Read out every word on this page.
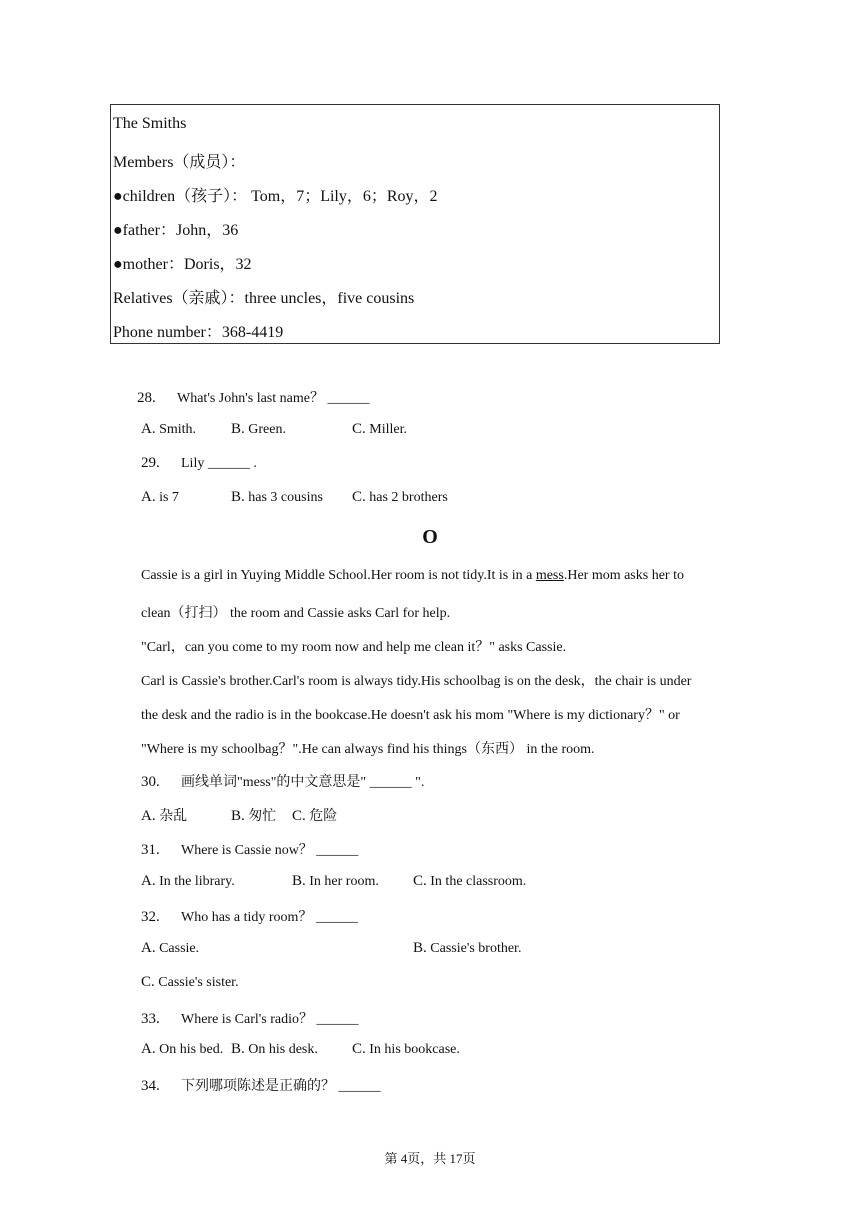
The Smiths
Members（成员）：
●children（孩子）： Tom，7；Lily，6；Roy，2
●father：John，36
●mother：Doris，32
Relatives（亲戚）：three uncles，five cousins
Phone number：368-4419
28. What's John's last name？ ______
A. Smith. B. Green.	C. Miller.
29. Lily ______ .
A. is 7	B. has 3 cousins C. has 2 brothers
O
Cassie is a girl in Yuying Middle School.Her room is not tidy.It is in a mess.Her mom asks her to
clean（打扫） the room and Cassie asks Carl for help.
"Carl，can you come to my room now and help me clean it？" asks Cassie.
Carl is Cassie's brother.Carl's room is always tidy.His schoolbag is on the desk，the chair is under
the desk and the radio is in the bookcase.He doesn't ask his mom "Where is my dictionary？" or
"Where is my schoolbag？".He can always find his things（东西） in the room.
30. 画线单词"mess"的中文意思是" ______ ".
A. 杂乱	B. 匆忙 C. 危险
31. Where is Cassie now？ ______
A. In the library.	B. In her room. C. In the classroom.
32. Who has a tidy room？ ______
A. Cassie.	B. Cassie's brother.
C. Cassie's sister.
33. Where is Carl's radio？ ______
A. On his bed. B. On his desk. C. In his bookcase.
34. 下列哪项陈述是正确的？ ______
第 4页，共 17页
